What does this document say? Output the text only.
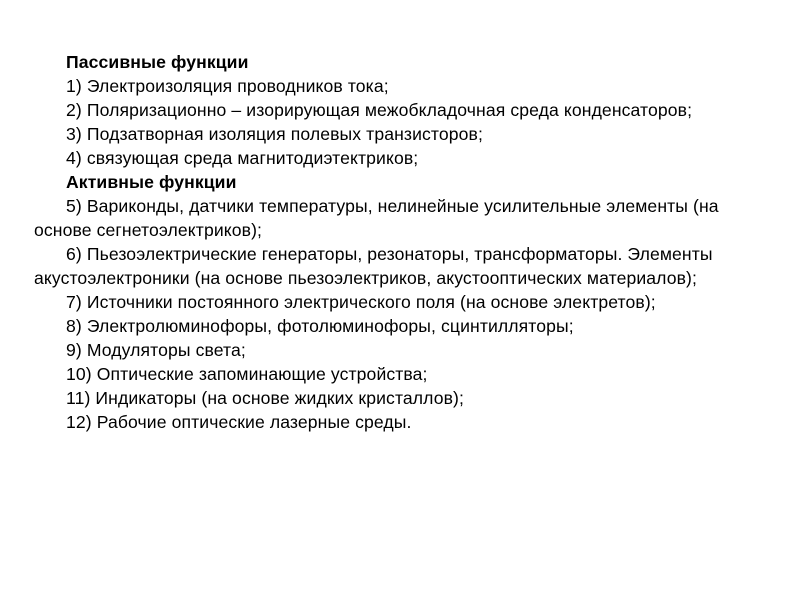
Пассивные функции

1) Электроизоляция проводников тока;

2) Поляризационно – изорирующая межобкладочная среда конденсаторов;

3) Подзатворная изоляция полевых транзисторов;

4) связующая среда магнитодиэтектриков;

Активные функции

5) Вариконды, датчики температуры, нелинейные усилительные элементы (на основе сегнетоэлектриков);

6) Пьезоэлектрические генераторы, резонаторы, трансформаторы. Элементы акустоэлектроники (на основе пьезоэлектриков, акустооптических материалов);

7) Источники постоянного электрического поля (на основе электретов);

8) Электролюминофоры, фотолюминофоры, сцинтилляторы;

9) Модуляторы света;

10) Оптические запоминающие устройства;

11) Индикаторы (на основе жидких кристаллов);

12) Рабочие оптические лазерные среды.
